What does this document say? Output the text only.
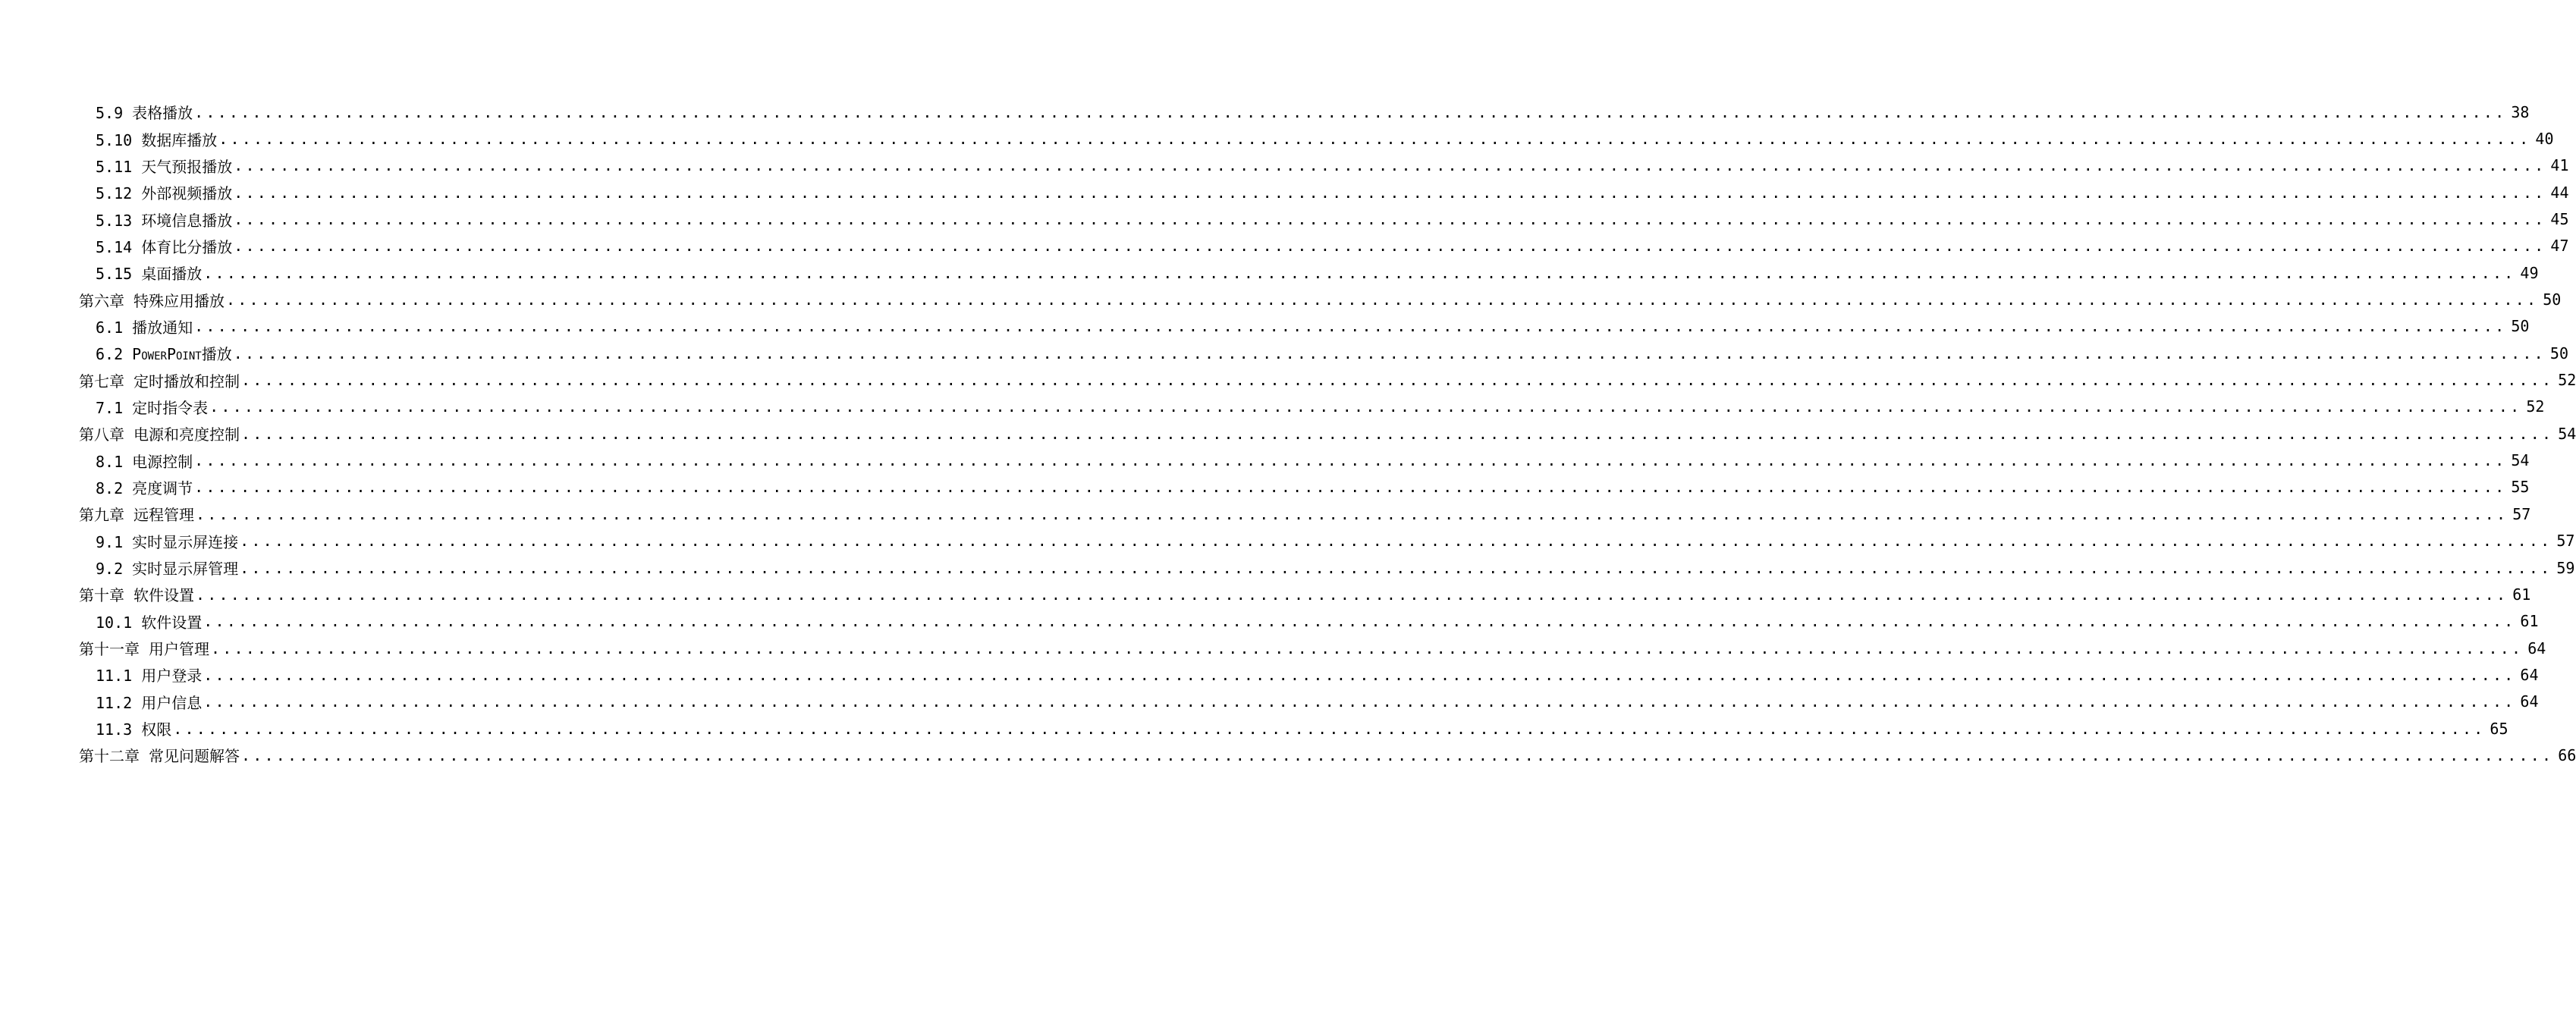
5.9 表格播放 ........................................................................................................................................................................................................ 38
5.10 数据库播放 ........................................................................................................................................................................................................ 40
5.11 天气预报播放 ........................................................................................................................................................................................................ 41
5.12 外部视频播放 ........................................................................................................................................................................................................ 44
5.13 环境信息播放 ........................................................................................................................................................................................................ 45
5.14 体育比分播放 ........................................................................................................................................................................................................ 47
5.15 桌面播放 ........................................................................................................................................................................................................ 49
第六章 特殊应用播放 ........................................................................................................................................................................................................ 50
6.1 播放通知 ........................................................................................................................................................................................................ 50
6.2 POWERPOINT播放 ........................................................................................................................................................................................................ 50
第七章 定时播放和控制 ........................................................................................................................................................................................................ 52
7.1 定时指令表 ........................................................................................................................................................................................................ 52
第八章 电源和亮度控制 ........................................................................................................................................................................................................ 54
8.1 电源控制 ........................................................................................................................................................................................................ 54
8.2 亮度调节 ........................................................................................................................................................................................................ 55
第九章 远程管理 ........................................................................................................................................................................................................ 57
9.1 实时显示屏连接 ........................................................................................................................................................................................................ 57
9.2 实时显示屏管理 ........................................................................................................................................................................................................ 59
第十章 软件设置 ........................................................................................................................................................................................................ 61
10.1 软件设置 ........................................................................................................................................................................................................ 61
第十一章 用户管理 ........................................................................................................................................................................................................ 64
11.1 用户登录 ........................................................................................................................................................................................................ 64
11.2 用户信息 ........................................................................................................................................................................................................ 64
11.3 权限 ........................................................................................................................................................................................................ 65
第十二章 常见问题解答 ........................................................................................................................................................................................................ 66
